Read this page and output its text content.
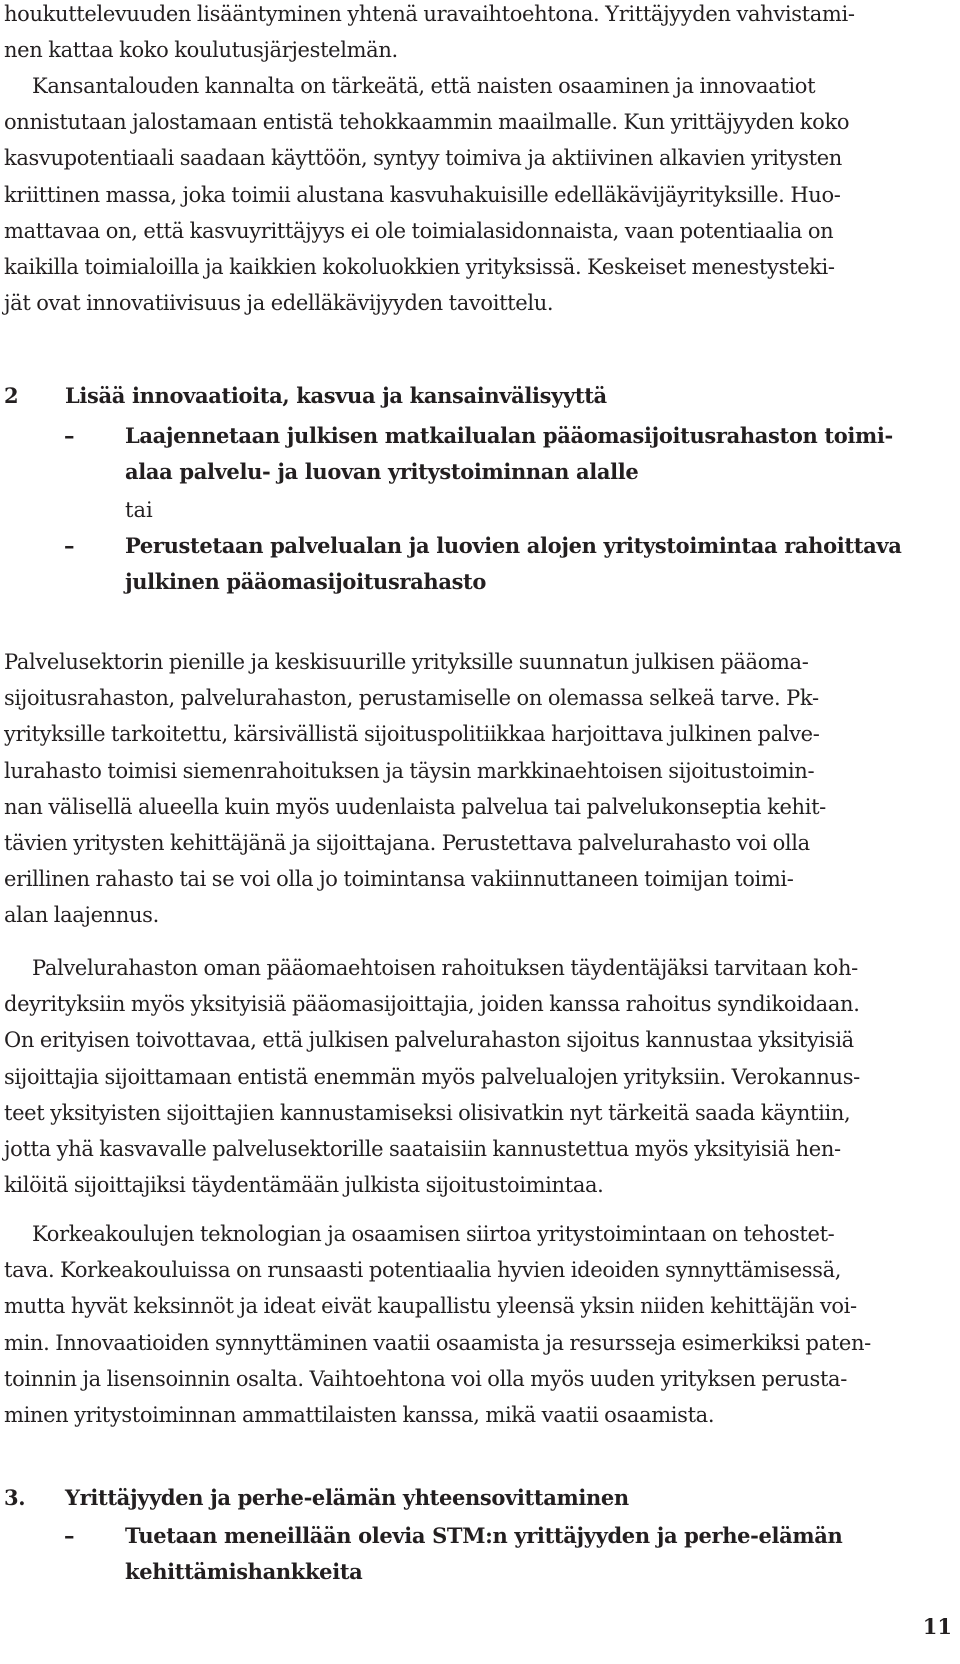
houkuttelevuuden lisääntyminen yhtenä uravaihtoehtona. Yrittäjyyden vahvistami-
nen kattaa koko koulutusjärjestelmän.

Kansantalouden kannalta on tärkeätä, että naisten osaaminen ja innovaatiot
onnistutaan jalostamaan entistä tehokkaammin maailmalle. Kun yrittäjyyden koko
kasvupotentiaali saadaan käyttöön, syntyy toimiva ja aktiivinen alkavien yritysten
kriittinen massa, joka toimii alustana kasvuhakuisille edelläkävijäyrityksille. Huo-
mattavaa on, että kasvuyrittäjyys ei ole toimialasidonnaista, vaan potentiaalia on
kaikilla toimialoilla ja kaikkien kokoluokkien yrityksissä. Keskeiset menestysteki-
jät ovat innovatiivisuus ja edelläkävijyyden tavoittelu.

2 Lisää innovaatioita, kasvua ja kansainvälisyyttä

– Laajennetaan julkisen matkailualan pääomasijoitusrahaston toimi-
alaa palvelu- ja luovan yritystoiminnan alalle

tai

– Perustetaan palvelualan ja luovien alojen yritystoimintaa rahoittava
julkinen pääomasijoitusrahasto

Palvelusektorin pienille ja keskisuurille yrityksille suunnatun julkisen pääoma-
sijoitusrahaston, palvelurahaston, perustamiselle on olemassa selkeä tarve. Pk-
yrityksille tarkoitettu, kärsivällistä sijoituspolitiikkaa harjoittava julkinen palve-
lurahasto toimisi siemenrahoituksen ja täysin markkinaehtoisen sijoitustoimin-
nan välisellä alueella kuin myös uudenlaista palvelua tai palvelukonseptia kehit-
tävien yritysten kehittäjänä ja sijoittajana. Perustettava palvelurahasto voi olla
erillinen rahasto tai se voi olla jo toimintansa vakiinnuttaneen toimijan toimi-
alan laajennus.

Palvelurahaston oman pääomaehtoisen rahoituksen täydentäjäksi tarvitaan koh-
deyrityksiin myös yksityisiä pääomasijoittajia, joiden kanssa rahoitus syndikoidaan.
On erityisen toivottavaa, että julkisen palvelurahaston sijoitus kannustaa yksityisiä
sijoittajia sijoittamaan entistä enemmän myös palvelualojen yrityksiin. Verokannus-
teet yksityisten sijoittajien kannustamiseksi olisivatkin nyt tärkeitä saada käyntiin,
jotta yhä kasvavalle palvelusektorille saataisiin kannustettua myös yksityisiä hen-
kilöitä sijoittajiksi täydentämään julkista sijoitustoimintaa.

Korkeakoulujen teknologian ja osaamisen siirtoa yritystoimintaan on tehostet-
tava. Korkeakouluissa on runsaasti potentiaalia hyvien ideoiden synnyttämisessä,
mutta hyvät keksinnöt ja ideat eivät kaupallistu yleensä yksin niiden kehittäjän voi-
min. Innovaatioiden synnyttäminen vaatii osaamista ja resursseja esimerkiksi paten-
toinnin ja lisensoinnin osalta. Vaihtoehtona voi olla myös uuden yrityksen perusta-
minen yritystoiminnan ammattilaisten kanssa, mikä vaatii osaamista.

3. Yrittäjyyden ja perhe-elämän yhteensovittaminen

– Tuetaan meneillään olevia STM:n yrittäjyyden ja perhe-elämän
kehittämishankkeita

11
